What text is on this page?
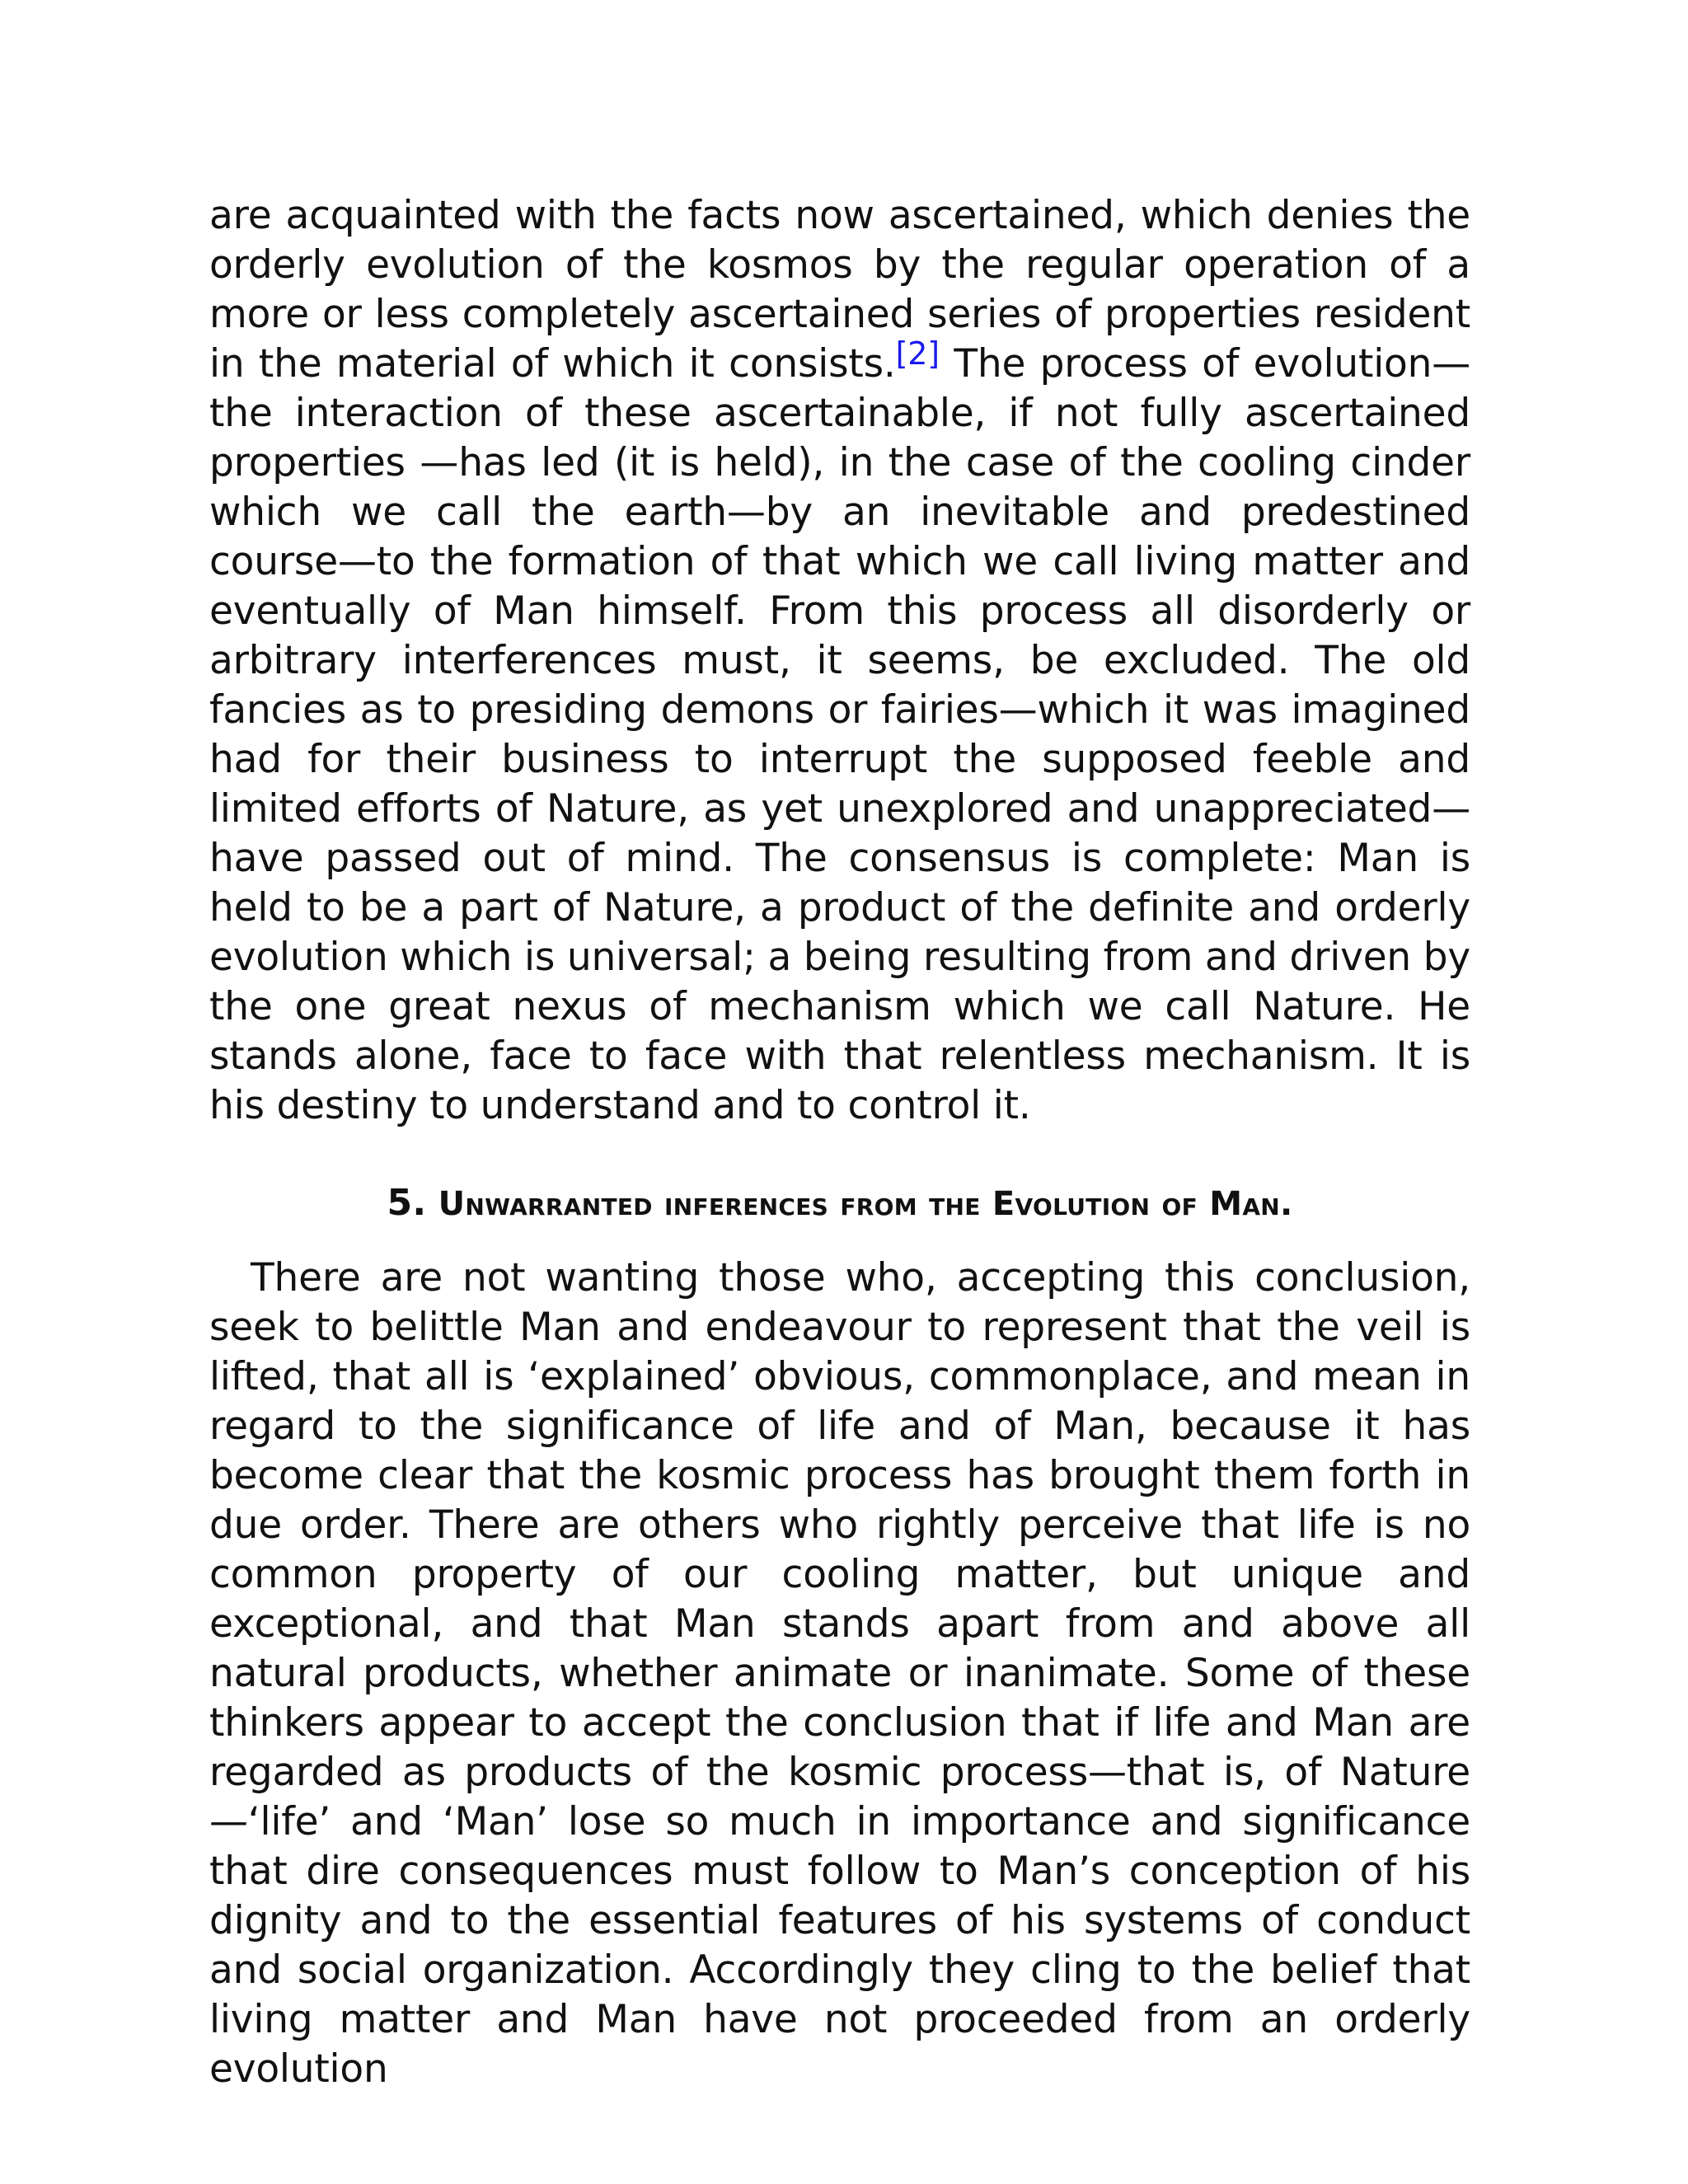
are acquainted with the facts now ascertained, which denies the orderly evolution of the kosmos by the regular operation of a more or less completely ascertained series of properties resident in the material of which it consists.[2] The process of evolution—the interaction of these ascertainable, if not fully ascertained properties —has led (it is held), in the case of the cooling cinder which we call the earth—by an inevitable and predestined course—to the formation of that which we call living matter and eventually of Man himself. From this process all disorderly or arbitrary interferences must, it seems, be excluded. The old fancies as to presiding demons or fairies—which it was imagined had for their business to interrupt the supposed feeble and limited efforts of Nature, as yet unexplored and unappreciated—have passed out of mind. The consensus is complete: Man is held to be a part of Nature, a product of the definite and orderly evolution which is universal; a being resulting from and driven by the one great nexus of mechanism which we call Nature. He stands alone, face to face with that relentless mechanism. It is his destiny to understand and to control it.

5. Unwarranted inferences from the Evolution of Man.

There are not wanting those who, accepting this conclusion, seek to belittle Man and endeavour to represent that the veil is lifted, that all is ‘explained’ obvious, commonplace, and mean in regard to the significance of life and of Man, because it has become clear that the kosmic process has brought them forth in due order. There are others who rightly perceive that life is no common property of our cooling matter, but unique and exceptional, and that Man stands apart from and above all natural products, whether animate or inanimate. Some of these thinkers appear to accept the conclusion that if life and Man are regarded as products of the kosmic process—that is, of Nature—‘life’ and ‘Man’ lose so much in importance and significance that dire consequences must follow to Man’s conception of his dignity and to the essential features of his systems of conduct and social organization. Accordingly they cling to the belief that living matter and Man have not proceeded from an orderly evolution
